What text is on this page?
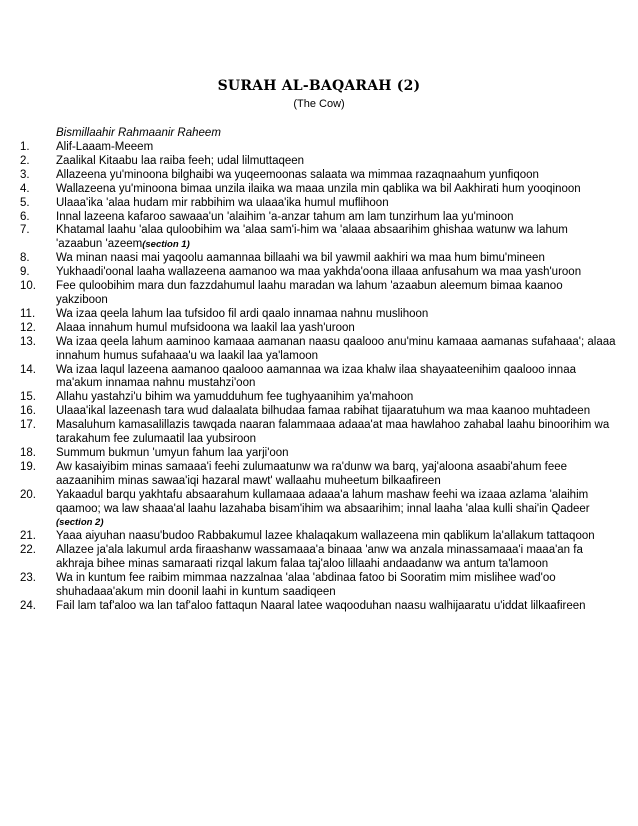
SURAH AL-BAQARAH (2)
(The Cow)
Bismillaahir Rahmaanir Raheem
1.	Alif-Laaam-Meeem
2.	Zaalikal Kitaabu laa raiba feeh; udal lilmuttaqeen
3.	Allazeena yu'minoona bilghaibi wa yuqeemoonas salaata wa mimmaa razaqnaahum yunfiqoon
4.	Wallazeena yu'minoona bimaa unzila ilaika wa maaa unzila min qablika wa bil Aakhirati hum yooqinoon
5.	Ulaaa'ika 'alaa hudam mir rabbihim wa ulaaa'ika humul muflihoon
6.	Innal lazeena kafaroo sawaaa'un 'alaihim 'a-anzar tahum am lam tunzirhum laa yu'minoon
7.	Khatamal laahu 'alaa quloobihim wa 'alaa sam'i-him wa 'alaaa absaarihim ghishaa watunw wa lahum 'azaabun 'azeem(section 1)
8.	Wa minan naasi mai yaqoolu aamannaa billaahi wa bil yawmil aakhiri wa maa hum bimu'mineen
9.	Yukhaadi'oonal laaha wallazeena aamanoo wa maa yakhda'oona illaaa anfusahum wa maa yash'uroon
10.	Fee quloobihim mara dun fazzdahumul laahu maradan wa lahum 'azaabun aleemum bimaa kaanoo yakziboon
11.	Wa izaa qeela lahum laa tufsidoo fil ardi qaalo innamaa nahnu muslihoon
12.	Alaaa innahum humul mufsidoona wa laakil laa yash'uroon
13.	Wa izaa qeela lahum aaminoo kamaaa aamanan naasu qaalooo anu'minu kamaaa aamanas sufahaaa'; alaaa innahum humus sufahaaa'u wa laakil laa ya'lamoon
14.	Wa izaa laqul lazeena aamanoo qaalooo aamannaa wa izaa khalw ilaa shayaateenihim qaalooo innaa ma'akum innamaa nahnu mustahzi'oon
15.	Allahu yastahzi'u bihim wa yamudduhum fee tughyaanihim ya'mahoon
16.	Ulaaa'ikal lazeenash tara wud dalaalata bilhudaa famaa rabihat tijaaratuhum wa maa kaanoo muhtadeen
17.	Masaluhum kamasalillazis tawqada naaran falammaaa adaaa'at maa hawlahoo zahabal laahu binoorihim wa tarakahum fee zulumaatil laa yubsiroon
18.	Summum bukmun 'umyun fahum laa yarji'oon
19.	Aw kasaiyibim minas samaaa'i feehi zulumaatunw wa ra'dunw wa barq, yaj'aloona asaabi'ahum feee aazaanihim minas sawaa'iqi hazaral mawt' wallaahu muheetum bilkaafireen
20.	Yakaadul barqu yakhtafu absaarahum kullamaaa adaaa'a lahum mashaw feehi wa izaaa azlama 'alaihim qaamoo; wa law shaaa'al laahu lazahaba bisam'ihim wa absaarihim; innal laaha 'alaa kulli shai'in Qadeer (section 2)
21.	Yaaa aiyuhan naasu'budoo Rabbakumul lazee khalaqakum wallazeena min qablikum la'allakum tattaqoon
22.	Allazee ja'ala lakumul arda firaashanw wassamaaa'a binaaa 'anw wa anzala minassamaaa'i maaa'an fa akhraja bihee minas samaraati rizqal lakum falaa taj'aloo lillaahi andaadanw wa antum ta'lamoon
23.	Wa in kuntum fee raibim mimmaa nazzalnaa 'alaa 'abdinaa fatoo bi Sooratim mim mislihee wad'oo shuhadaaa'akum min doonil laahi in kuntum saadiqeen
24.	Fail lam taf'aloo wa lan taf'aloo fattaqun Naaral latee waqooduhan naasu walhijaaratu u'iddat lilkaafireen
